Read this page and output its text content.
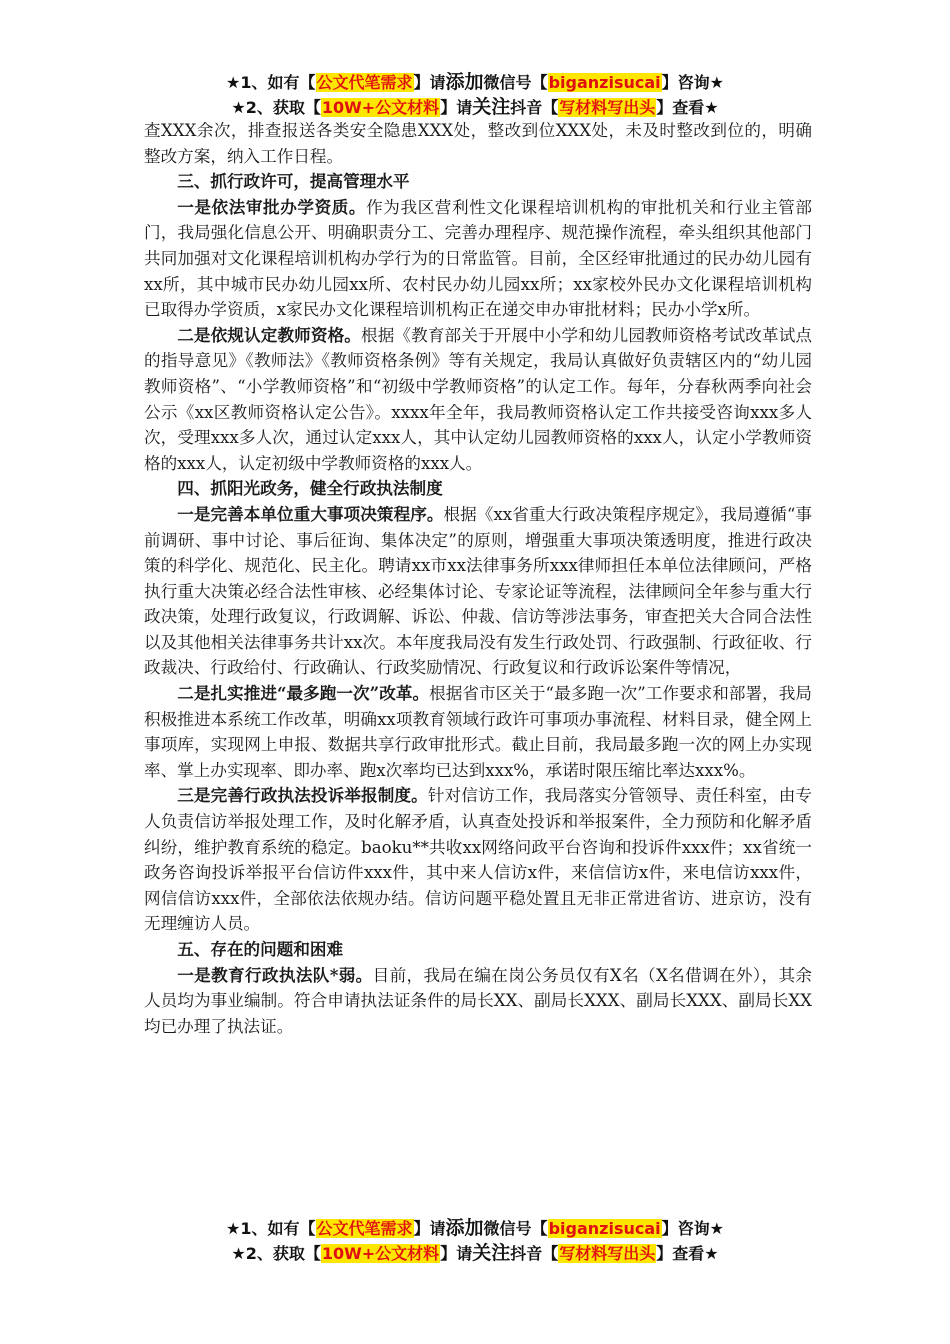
★1、如有【公文代笔需求】请添加微信号【biganzisucai】咨询★
★2、获取【10W+公文材料】请关注抖音【写材料写出头】查看★

查XXX余次，排查报送各类安全隐患XXX处，整改到位XXX处，未及时整改到位的，明确整改方案，纳入工作日程。

三、抓行政许可，提高管理水平

一是依法审批办学资质。作为我区营利性文化课程培训机构的审批机关和行业主管部门，我局强化信息公开、明确职责分工、完善办理程序、规范操作流程，牵头组织其他部门共同加强对文化课程培训机构办学行为的日常监管。目前，全区经审批通过的民办幼儿园有xx所，其中城市民办幼儿园xx所、农村民办幼儿园xx所；xx家校外民办文化课程培训机构已取得办学资质，x家民办文化课程培训机构正在递交申办审批材料；民办小学x所。

二是依规认定教师资格。根据《教育部关于开展中小学和幼儿园教师资格考试改革试点的指导意见》《教师法》《教师资格条例》等有关规定，我局认真做好负责辖区内的“幼儿园教师资格”、“小学教师资格”和“初级中学教师资格”的认定工作。每年，分春秋两季向社会公示《xx区教师资格认定公告》。xxxx年全年，我局教师资格认定工作共接受咨询xxx多人次，受理xxx多人次，通过认定xxx人，其中认定幼儿园教师资格的xxx人，认定小学教师资格的xxx人，认定初级中学教师资格的xxx人。

四、抓阳光政务，健全行政执法制度

一是完善本单位重大事项决策程序。根据《xx省重大行政决策程序规定》，我局遵循“事前调研、事中讨论、事后征询、集体决定”的原则，增强重大事项决策透明度，推进行政决策的科学化、规范化、民主化。聘请xx市xx法律事务所xxx律师担任本单位法律顾问，严格执行重大决策必经合法性审核、必经集体讨论、专家论证等流程，法律顾问全年参与重大行政决策，处理行政复议，行政调解、诉讼、仲裁、信访等涉法事务，审查把关大合同合法性以及其他相关法律事务共计xx次。本年度我局没有发生行政处罚、行政强制、行政征收、行政裁决、行政给付、行政确认、行政奖励情况、行政复议和行政诉讼案件等情况，

二是扎实推进“最多跑一次”改革。根据省市区关于“最多跑一次”工作要求和部署，我局积极推进本系统工作改革，明确xx项教育领域行政许可事项办事流程、材料目录，健全网上事项库，实现网上申报、数据共享行政审批形式。截止目前，我局最多跑一次的网上办实现率、掌上办实现率、即办率、跑x次率均已达到xxx%，承诺时限压缩比率达xxx%。

三是完善行政执法投诉举报制度。针对信访工作，我局落实分管领导、责任科室，由专人负责信访举报处理工作，及时化解矛盾，认真查处投诉和举报案件，全力预防和化解矛盾纠纷，维护教育系统的稳定。baoku**共收xx网络问政平台咨询和投诉件xxx件；xx省统一政务咨询投诉举报平台信访件xxx件，其中来人信访x件，来信信访x件，来电信访xxx件，网信信访xxx件，全部依法依规办结。信访问题平稳处置且无非正常进省访、进京访，没有无理缠访人员。

五、存在的问题和困难

一是教育行政执法队*弱。目前，我局在编在岗公务员仅有X名（X名借调在外），其余人员均为事业编制。符合申请执法证条件的局长XX、副局长XXX、副局长XXX、副局长XX均已办理了执法证。

★1、如有【公文代笔需求】请添加微信号【biganzisucai】咨询★
★2、获取【10W+公文材料】请关注抖音【写材料写出头】查看★
